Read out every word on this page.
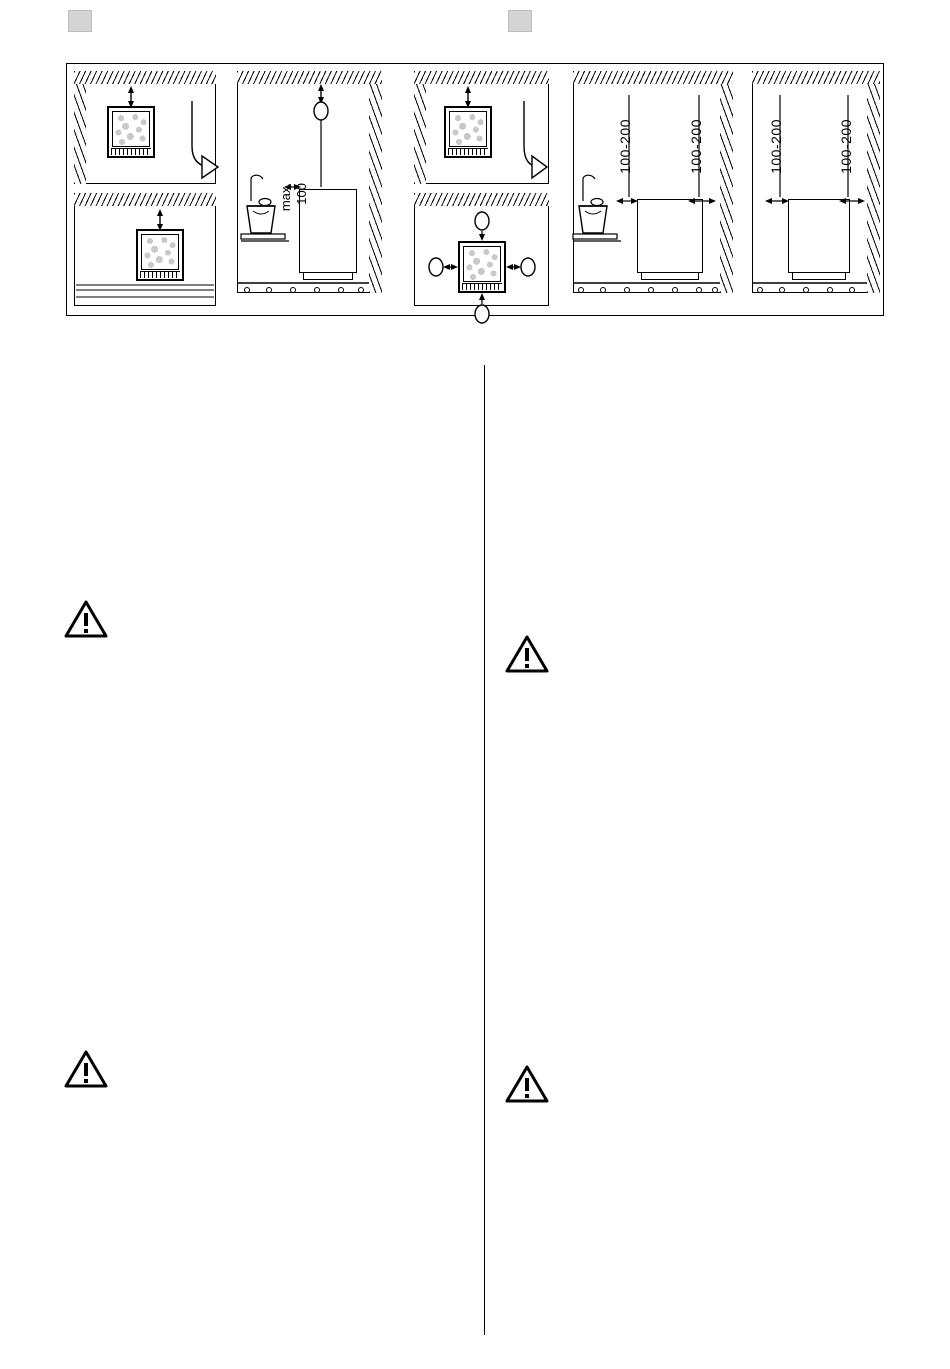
max. 100
100-200	100-200	100-200	100-200
